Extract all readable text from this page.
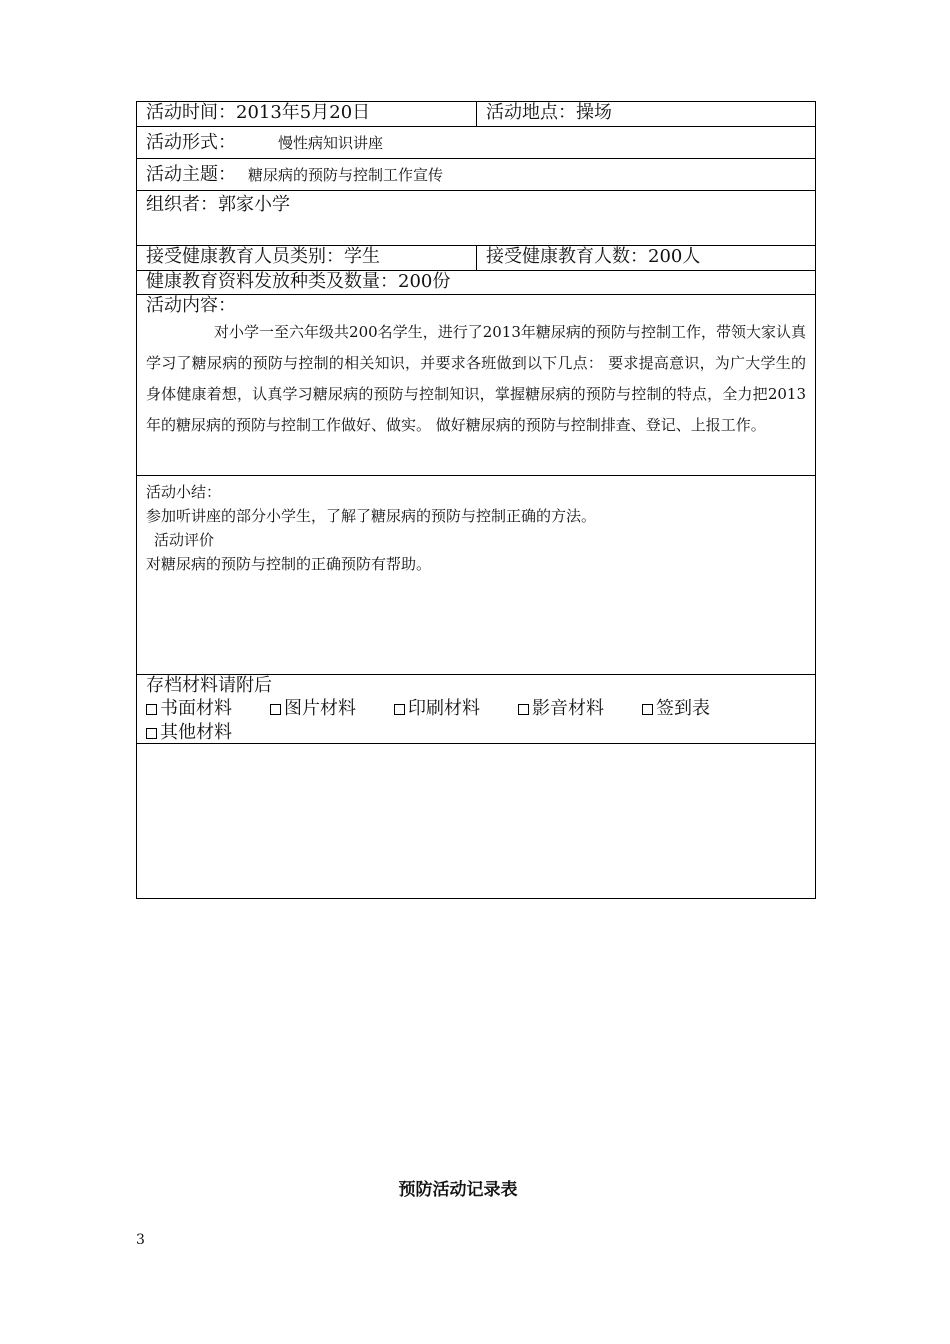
活动时间：2013年5月20日	活动地点：操场
活动形式：	慢性病知识讲座
活动主题： 糖尿病的预防与控制工作宣传
组织者：郭家小学
接受健康教育人员类别：学生	接受健康教育人数：200人
健康教育资料发放种类及数量：200份
活动内容：

对小学一至六年级共200名学生，进行了2013年糖尿病的预防与控制工作，带领大家认真学习了糖尿病的预防与控制的相关知识，并要求各班做到以下几点： 要求提高意识，为广大学生的身体健康着想，认真学习糖尿病的预防与控制知识，掌握糖尿病的预防与控制的特点，全力把2013年的糖尿病的预防与控制工作做好、做实。 做好糖尿病的预防与控制排查、登记、上报工作。

活动小结：
参加听讲座的部分小学生，了解了糖尿病的预防与控制正确的方法。
活动评价
对糖尿病的预防与控制的正确预防有帮助。
存档材料请附后
书面材料	图片材料	印刷材料	影音材料	签到表
其他材料
预防活动记录表
3
